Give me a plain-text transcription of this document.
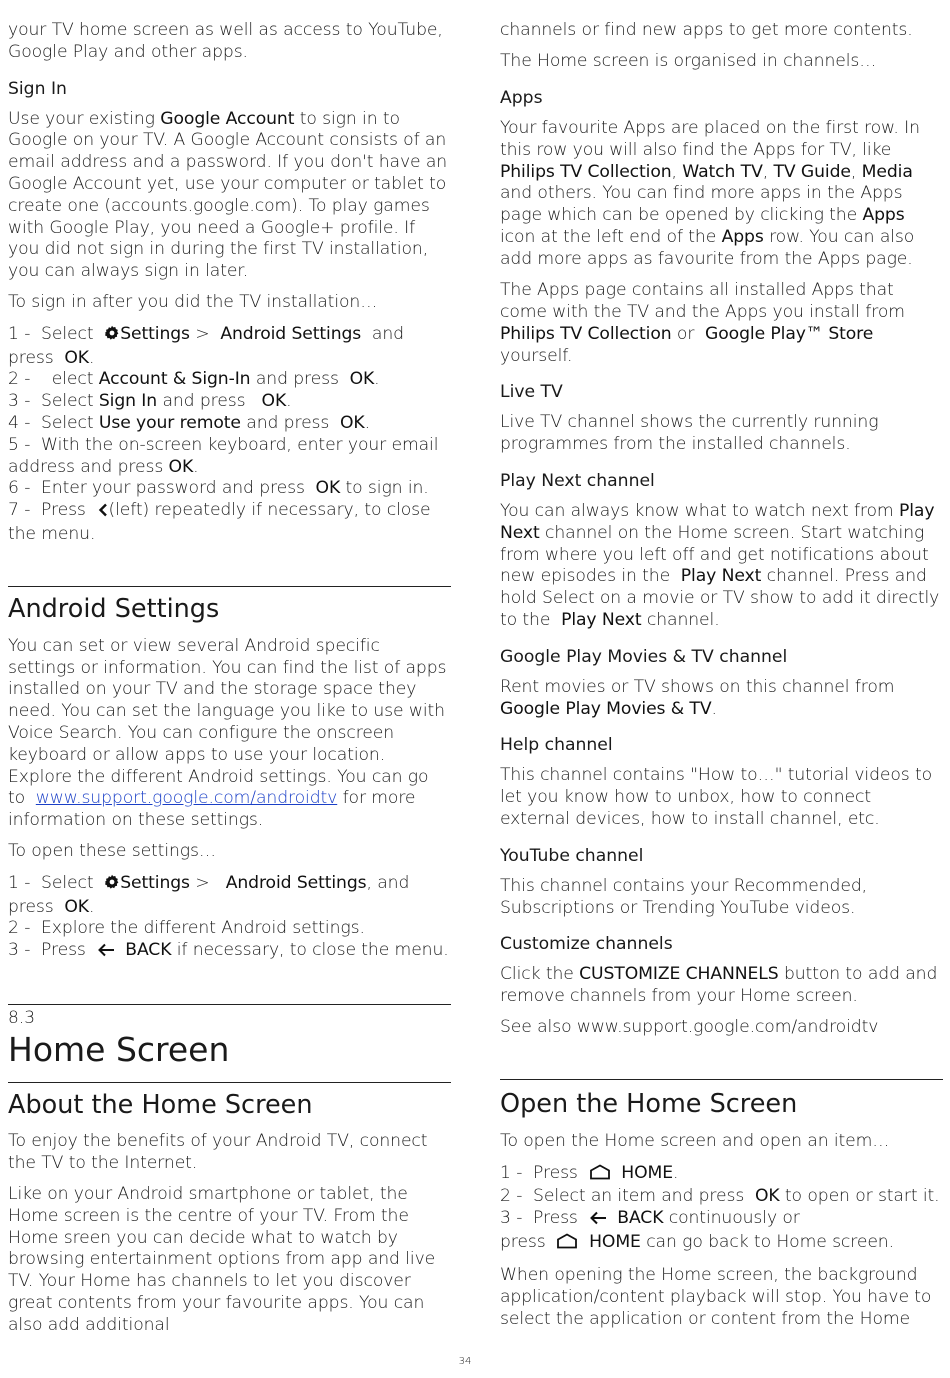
your TV home screen as well as access to YouTube, Google Play and other apps.

Sign In

Use your existing Google Account to sign in to Google on your TV. A Google Account consists of an email address and a password. If you don't have an Google Account yet, use your computer or tablet to create one (accounts.google.com). To play games with Google Play, you need a Google+ profile. If you did not sign in during the first TV installation, you can always sign in later.

To sign in after you did the TV installation…

1 - Select Settings > Android Settings and
press OK.

2 - elect Account & Sign-In and press OK.

3 - Select Sign In and press OK.

4 - Select Use your remote and press OK.

5 - With the on-screen keyboard, enter your email address and press OK.

6 - Enter your password and press OK to sign in.

7 - Press (left) repeatedly if necessary, to close the menu.

Android Settings

You can set or view several Android specific settings or information. You can find the list of apps installed on your TV and the storage space they need. You can set the language you like to use with Voice Search. You can configure the onscreen keyboard or allow apps to use your location. Explore the different Android settings. You can go to www.support.google.com/androidtv for more information on these settings.

To open these settings…

1 - Select Settings > Android Settings, and
press OK.

2 - Explore the different Android settings.

3 - Press BACK if necessary, to close the menu.

8.3
Home Screen
About the Home Screen

To enjoy the benefits of your Android TV, connect the TV to the Internet.

Like on your Android smartphone or tablet, the Home screen is the centre of your TV. From the Home sreen you can decide what to watch by browsing entertainment options from app and live TV. Your Home has channels to let you discover great contents from your favourite apps. You can also add additional

channels or find new apps to get more contents.

The Home screen is organised in channels…

Apps

Your favourite Apps are placed on the first row. In this row you will also find the Apps for TV, like Philips TV Collection, Watch TV, TV Guide, Media and others. You can find more apps in the Apps page which can be opened by clicking the Apps icon at the left end of the Apps row. You can also add more apps as favourite from the Apps page.

The Apps page contains all installed Apps that come with the TV and the Apps you install from Philips TV Collection or Google Play™ Store  yourself.

Live TV

Live TV channel shows the currently running programmes from the installed channels.

Play Next channel

You can always know what to watch next from Play Next channel on the Home screen. Start watching from where you left off and get notifications about new episodes in the Play Next channel. Press and hold Select on a movie or TV show to add it directly to the Play Next channel.

Google Play Movies & TV channel

Rent movies or TV shows on this channel from Google Play Movies & TV.

Help channel

This channel contains "How to…" tutorial videos to let you know how to unbox, how to connect external devices, how to install channel, etc.

YouTube channel

This channel contains your Recommended, Subscriptions or Trending YouTube videos.

Customize channels

Click the CUSTOMIZE CHANNELS button to add and remove channels from your Home screen.

See also www.support.google.com/androidtv

Open the Home Screen

To open the Home screen and open an item…

1 - Press	HOME.

2 - Select an item and press OK to open or start it.

3 - Press BACK continuously or
press	HOME can go back to Home screen.

When opening the Home screen, the background application/content playback will stop. You have to select the application or content from the Home

34
